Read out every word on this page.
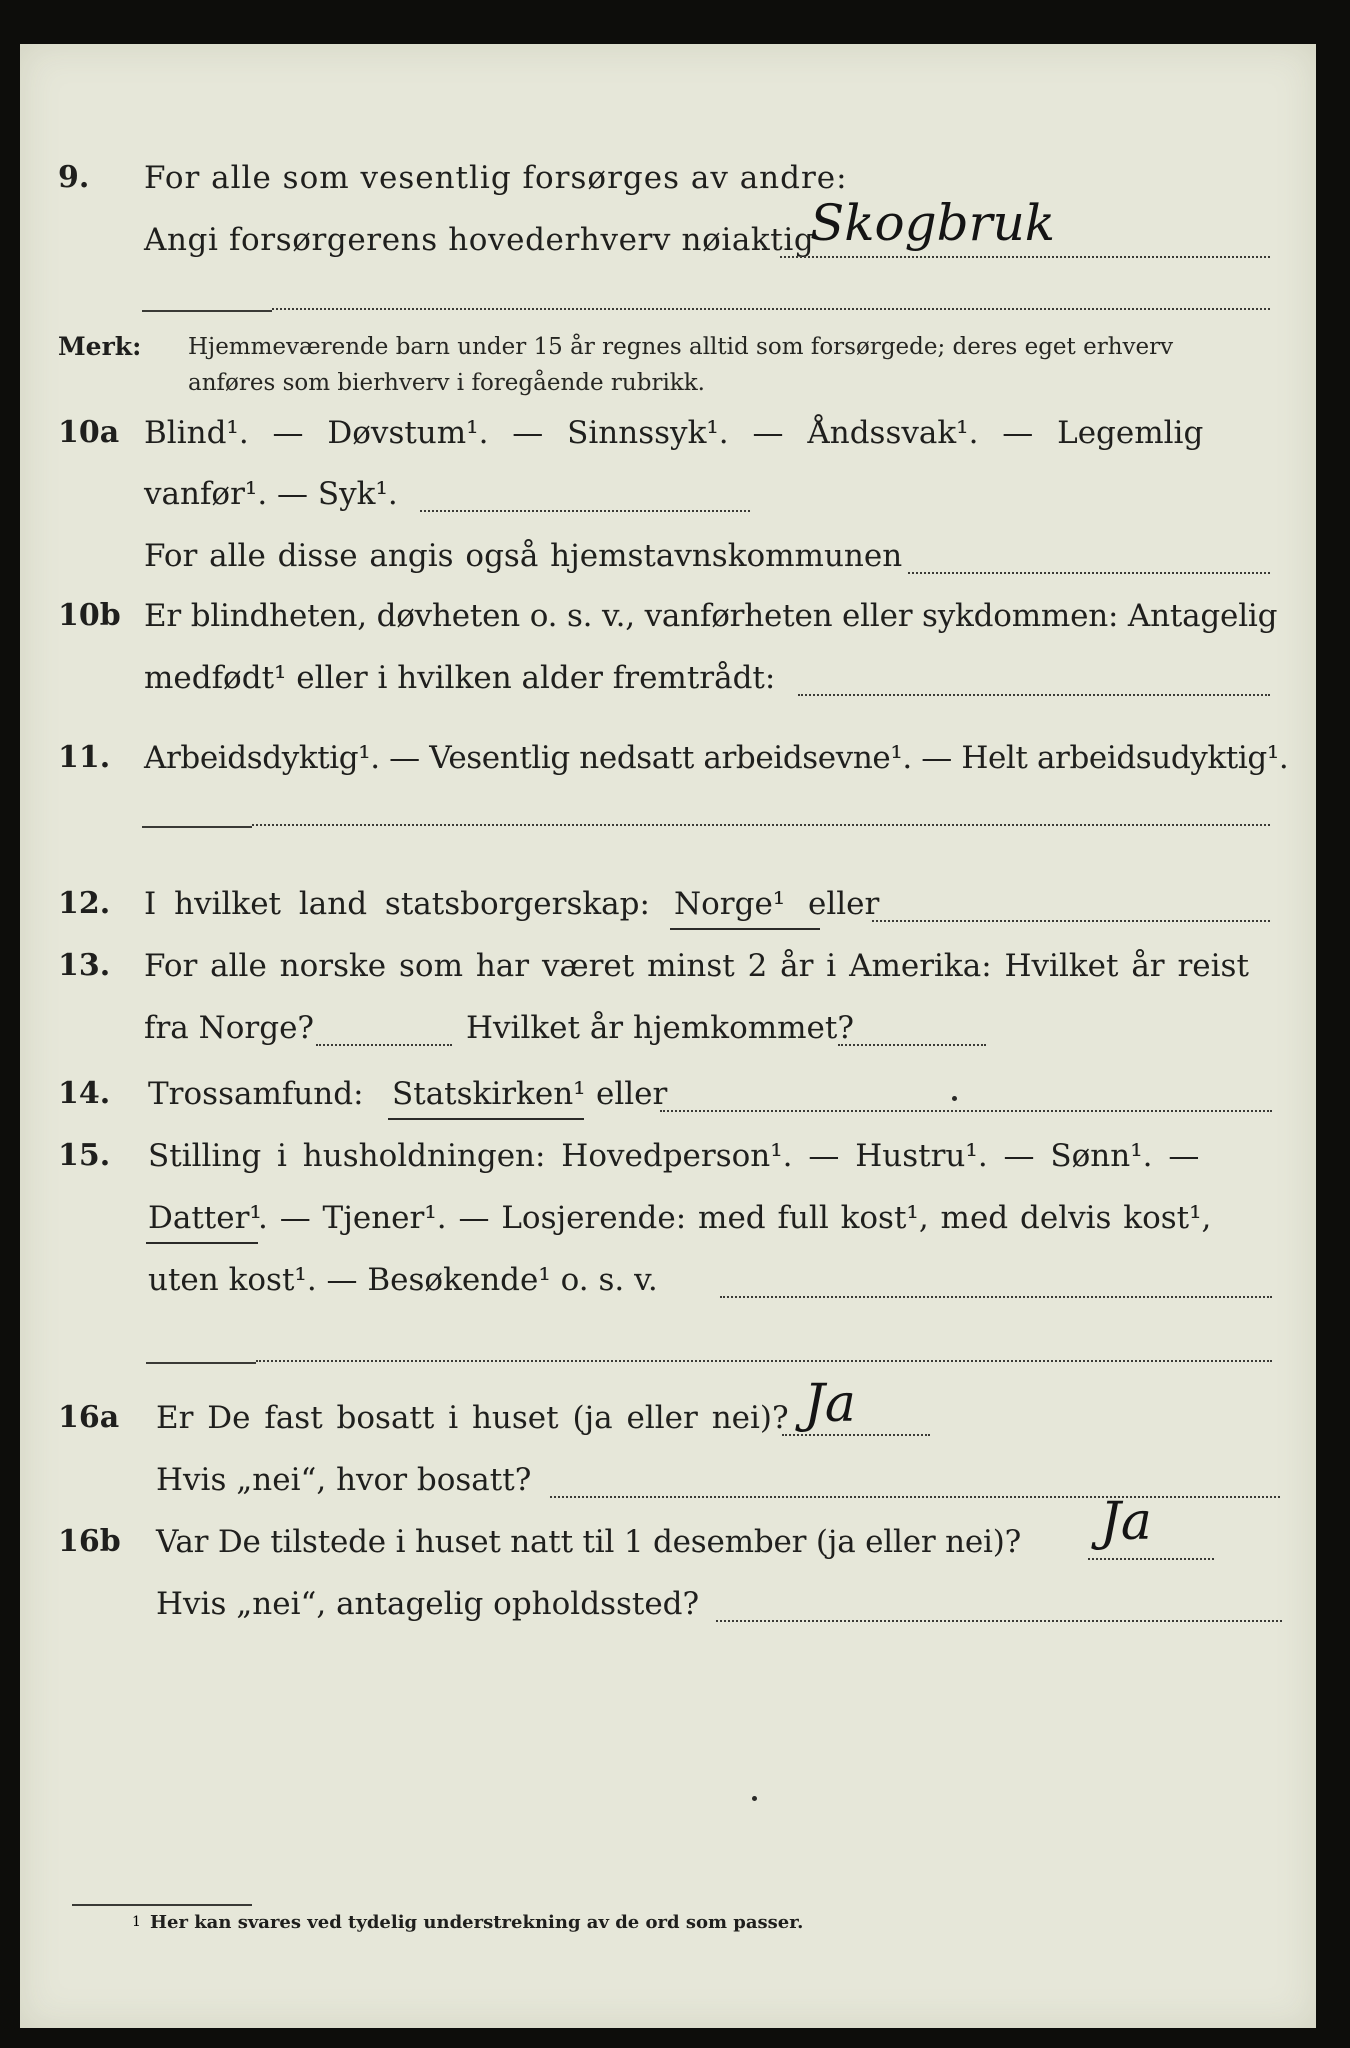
9. For alle som vesentlig forsørges av andre:
Angi forsørgerens hovederhverv nøiaktig
Skogbruk
Merk: Hjemmeværende barn under 15 år regnes alltid som forsørgede; deres eget erhverv
anføres som bierhverv i foregående rubrikk.
10a Blind¹. — Døvstum¹. — Sinnssyk¹. — Åndssvak¹. — Legemlig
vanfør¹. — Syk¹.
For alle disse angis også hjemstavnskommunen
10b Er blindheten, døvheten o. s. v., vanførheten eller sykdommen: Antagelig
medfødt¹ eller i hvilken alder fremtrådt:
11. Arbeidsdyktig¹. — Vesentlig nedsatt arbeidsevne¹. — Helt arbeidsudyktig¹.
12. I hvilket land statsborgerskap: Norge¹ eller
13. For alle norske som har været minst 2 år i Amerika: Hvilket år reist
fra Norge?	Hvilket år hjemkommet?
14. Trossamfund: Statskirken¹ eller
15. Stilling i husholdningen: Hovedperson¹. — Hustru¹. — Sønn¹. —
Datter¹
. — Tjener¹. — Losjerende: med full kost¹, med delvis kost¹,
uten kost¹. — Besøkende¹ o. s. v.
16a Er De fast bosatt i huset (ja eller nei)? Ja
Hvis „nei“, hvor bosatt?
16b Var De tilstede i huset natt til 1 desember (ja eller nei)? Ja
Hvis „nei“, antagelig opholdssted?
1 Her kan svares ved tydelig understrekning av de ord som passer.
